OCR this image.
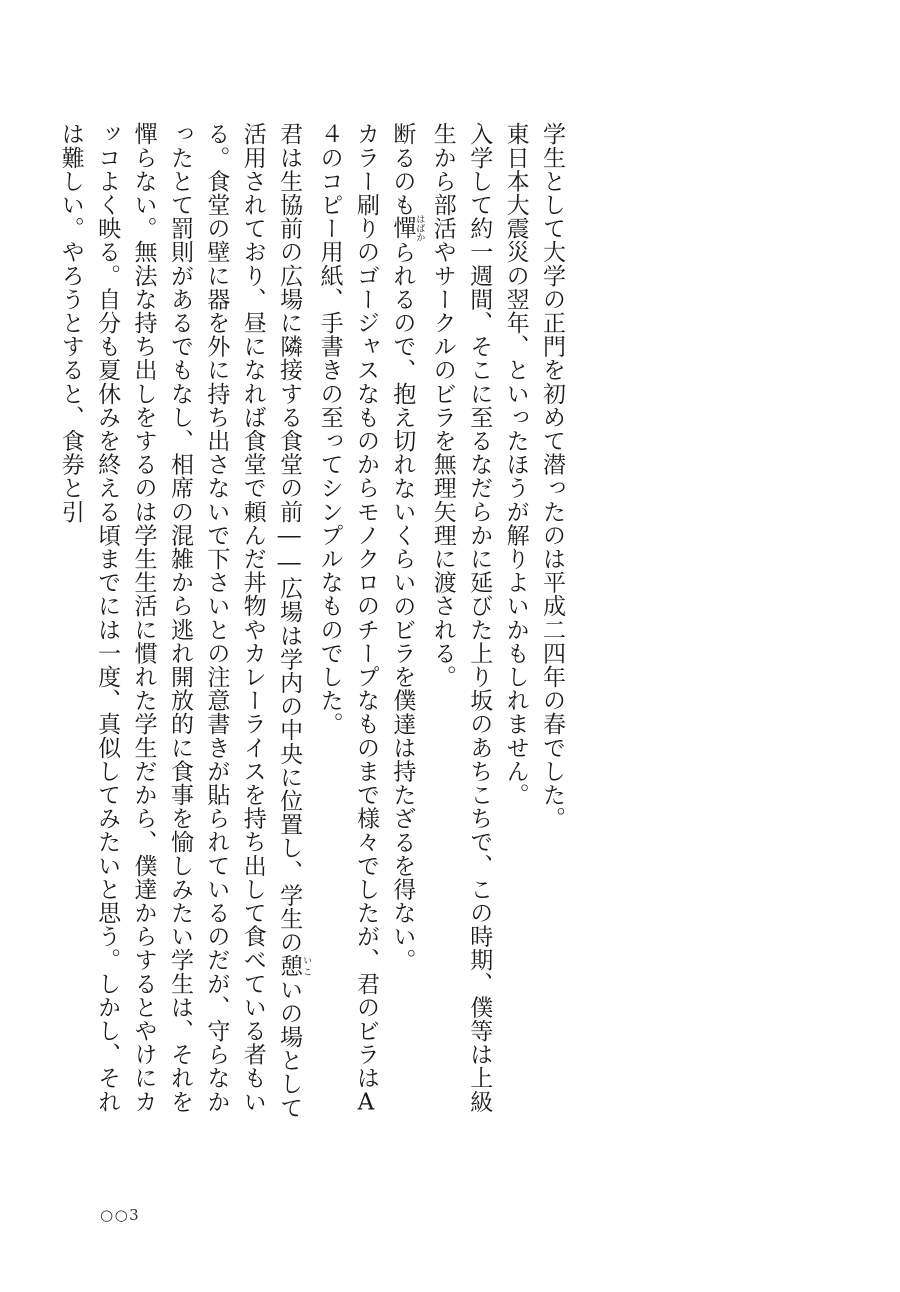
学生として大学の正門を初めて潜ったのは平成二四年の春でした。

東日本大震災の翌年、といったほうが解りよいかもしれません。

入学して約一週間、そこに至るなだらかに延びた上り坂のあちこちで、この時期、僕等は上級生から部活やサークルのビラを無理矢理に渡される。

断るのも憚 はばかられるので、抱え切れないくらいのビラを僕達は持たざるを得ない。

カラー刷りのゴージャスなものからモノクロのチープなものまで様々でしたが、君のビラはA４のコピー用紙、手書きの至ってシンプルなものでした。

君は生協前の広場に隣接する食堂の前――広場は学内の中央に位置し、学生の憩 いこいの場として活用されており、昼になれば食堂で頼んだ丼物やカレーライスを持ち出して食べている者もいる。食堂の壁に器を外に持ち出さないで下さいとの注意書きが貼られているのだが、守らなかったとて罰則があるでもなし、相席の混雑から逃れ開放的に食事を愉しみたい学生は、それを憚らない。無法な持ち出しをするのは学生生活に慣れた学生だから、僕達からするとやけにカッコよく映る。自分も夏休みを終える頃までには一度、真似してみたいと思う。しかし、それは難しい。やろうとすると、食券と引

○○3
